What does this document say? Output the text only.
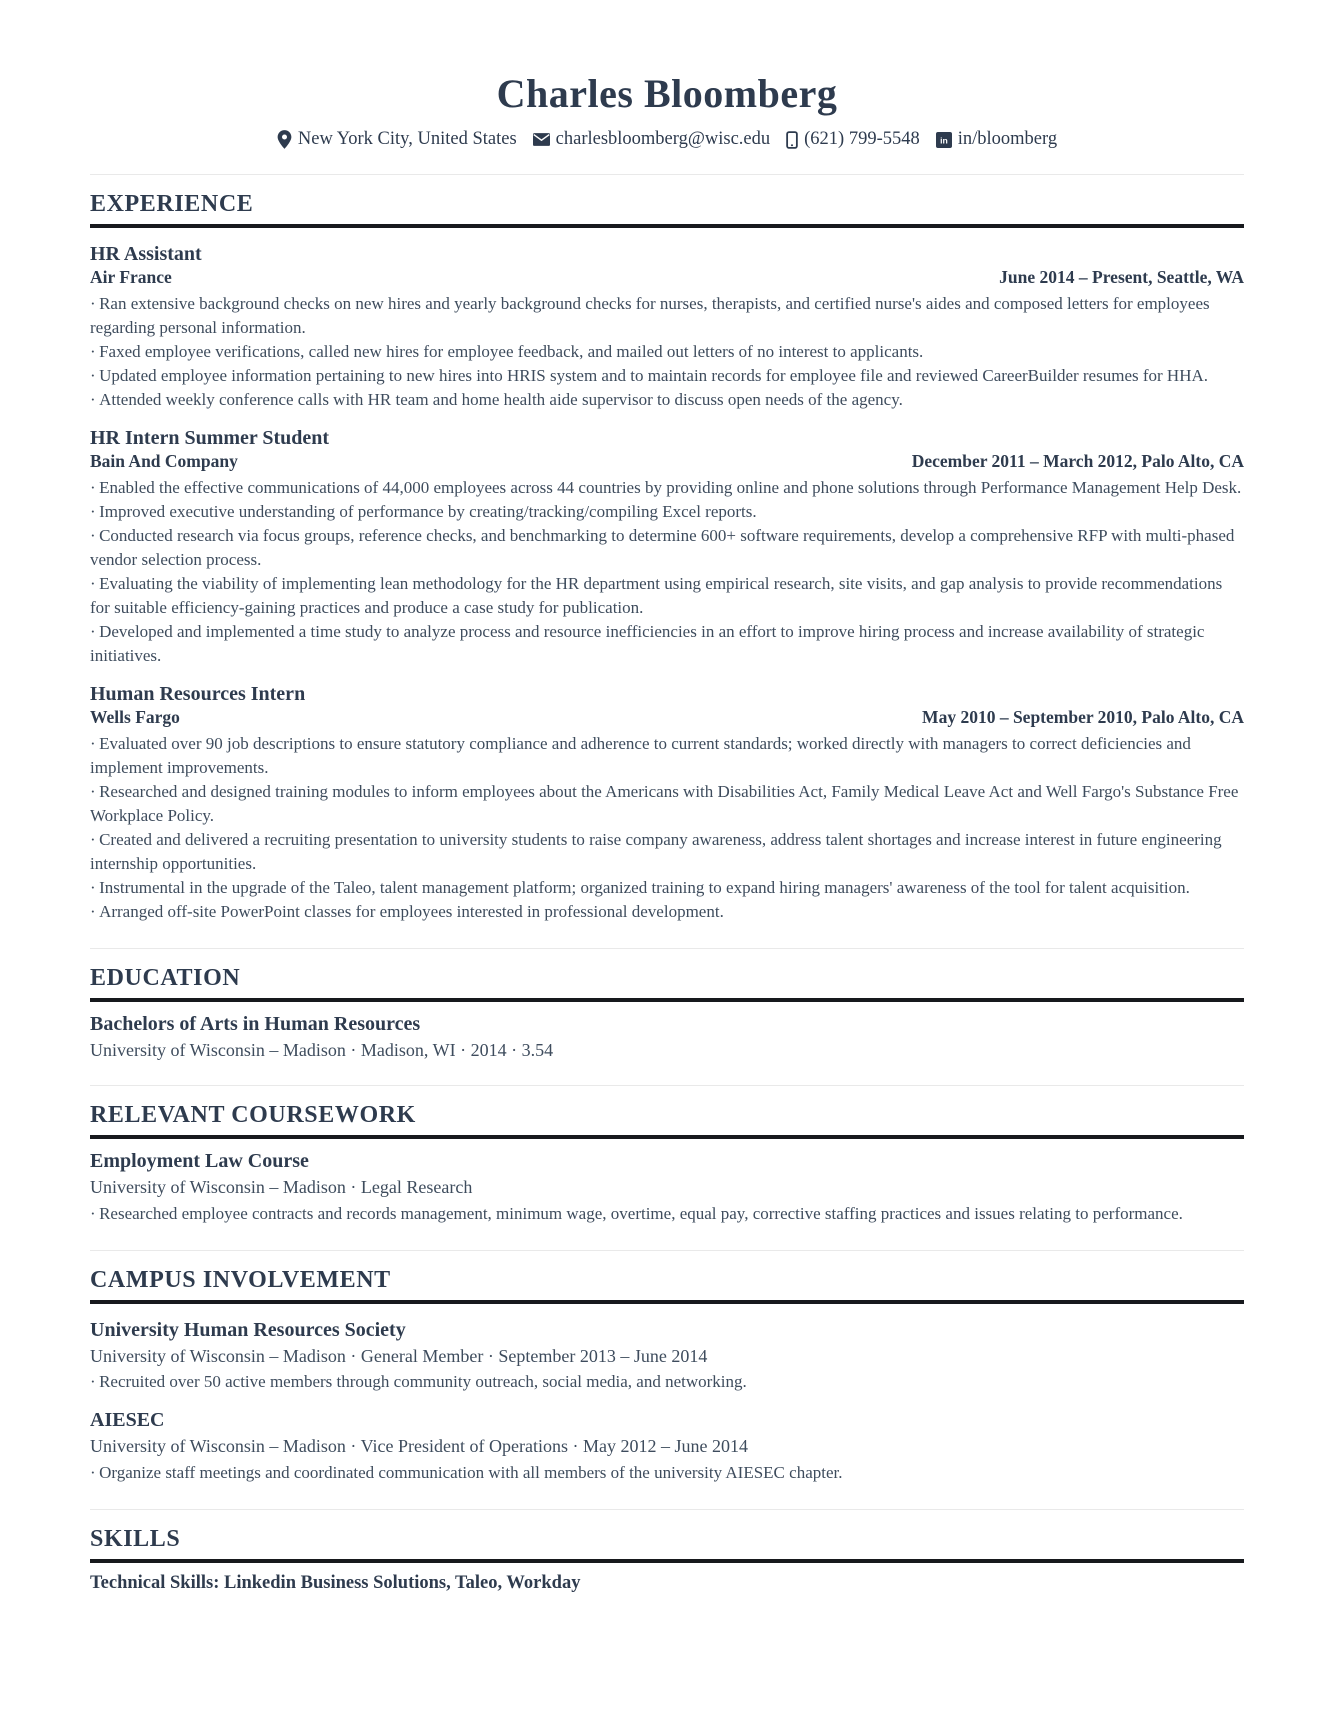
Charles Bloomberg
New York City, United States charlesbloomberg@wisc.edu (621) 799-5548 in in/bloomberg
EXPERIENCE
HR Assistant
Air France	June 2014 – Present, Seattle, WA
· Ran extensive background checks on new hires and yearly background checks for nurses, therapists, and certified nurse's aides and composed letters for employees regarding personal information.
· Faxed employee verifications, called new hires for employee feedback, and mailed out letters of no interest to applicants.
· Updated employee information pertaining to new hires into HRIS system and to maintain records for employee file and reviewed CareerBuilder resumes for HHA.
· Attended weekly conference calls with HR team and home health aide supervisor to discuss open needs of the agency.
HR Intern Summer Student
Bain And Company	December 2011 – March 2012, Palo Alto, CA
· Enabled the effective communications of 44,000 employees across 44 countries by providing online and phone solutions through Performance Management Help Desk.
· Improved executive understanding of performance by creating/tracking/compiling Excel reports.
· Conducted research via focus groups, reference checks, and benchmarking to determine 600+ software requirements, develop a comprehensive RFP with multi-phased vendor selection process.
· Evaluating the viability of implementing lean methodology for the HR department using empirical research, site visits, and gap analysis to provide recommendations for suitable efficiency-gaining practices and produce a case study for publication.
· Developed and implemented a time study to analyze process and resource inefficiencies in an effort to improve hiring process and increase availability of strategic initiatives.
Human Resources Intern
Wells Fargo	May 2010 – September 2010, Palo Alto, CA
· Evaluated over 90 job descriptions to ensure statutory compliance and adherence to current standards; worked directly with managers to correct deficiencies and implement improvements.
· Researched and designed training modules to inform employees about the Americans with Disabilities Act, Family Medical Leave Act and Well Fargo's Substance Free Workplace Policy.
· Created and delivered a recruiting presentation to university students to raise company awareness, address talent shortages and increase interest in future engineering internship opportunities.
· Instrumental in the upgrade of the Taleo, talent management platform; organized training to expand hiring managers' awareness of the tool for talent acquisition.
· Arranged off-site PowerPoint classes for employees interested in professional development.
EDUCATION
Bachelors of Arts in Human Resources

University of Wisconsin – Madison · Madison, WI · 2014 · 3.54

RELEVANT COURSEWORK
Employment Law Course

University of Wisconsin – Madison · Legal Research

· Researched employee contracts and records management, minimum wage, overtime, equal pay, corrective staffing practices and issues relating to performance.
CAMPUS INVOLVEMENT
University Human Resources Society

University of Wisconsin – Madison · General Member · September 2013 – June 2014

· Recruited over 50 active members through community outreach, social media, and networking.
AIESEC

University of Wisconsin – Madison · Vice President of Operations · May 2012 – June 2014

· Organize staff meetings and coordinated communication with all members of the university AIESEC chapter.
SKILLS

Technical Skills: Linkedin Business Solutions, Taleo, Workday
